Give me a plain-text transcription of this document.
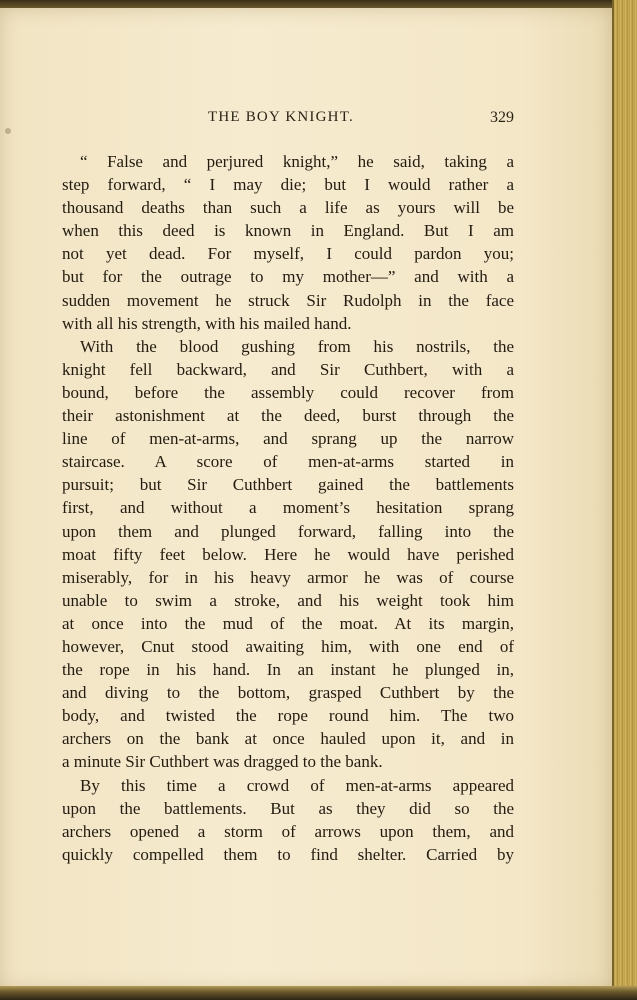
THE BOY KNIGHT.	329
“ False and perjured knight,” he said, taking a
step forward, “ I may die; but I would rather a
thousand deaths than such a life as yours will be
when this deed is known in England. But I am
not yet dead. For myself, I could pardon you;
but for the outrage to my mother—” and with a
sudden movement he struck Sir Rudolph in the face
with all his strength, with his mailed hand.
With the blood gushing from his nostrils, the
knight fell backward, and Sir Cuthbert, with a
bound, before the assembly could recover from
their astonishment at the deed, burst through the
line of men-at-arms, and sprang up the narrow
staircase. A score of men-at-arms started in
pursuit; but Sir Cuthbert gained the battlements
first, and without a moment’s hesitation sprang
upon them and plunged forward, falling into the
moat fifty feet below. Here he would have perished
miserably, for in his heavy armor he was of course
unable to swim a stroke, and his weight took him
at once into the mud of the moat. At its margin,
however, Cnut stood awaiting him, with one end of
the rope in his hand. In an instant he plunged in,
and diving to the bottom, grasped Cuthbert by the
body, and twisted the rope round him. The two
archers on the bank at once hauled upon it, and in
a minute Sir Cuthbert was dragged to the bank.
By this time a crowd of men-at-arms appeared
upon the battlements. But as they did so the
archers opened a storm of arrows upon them, and
quickly compelled them to find shelter. Carried by
